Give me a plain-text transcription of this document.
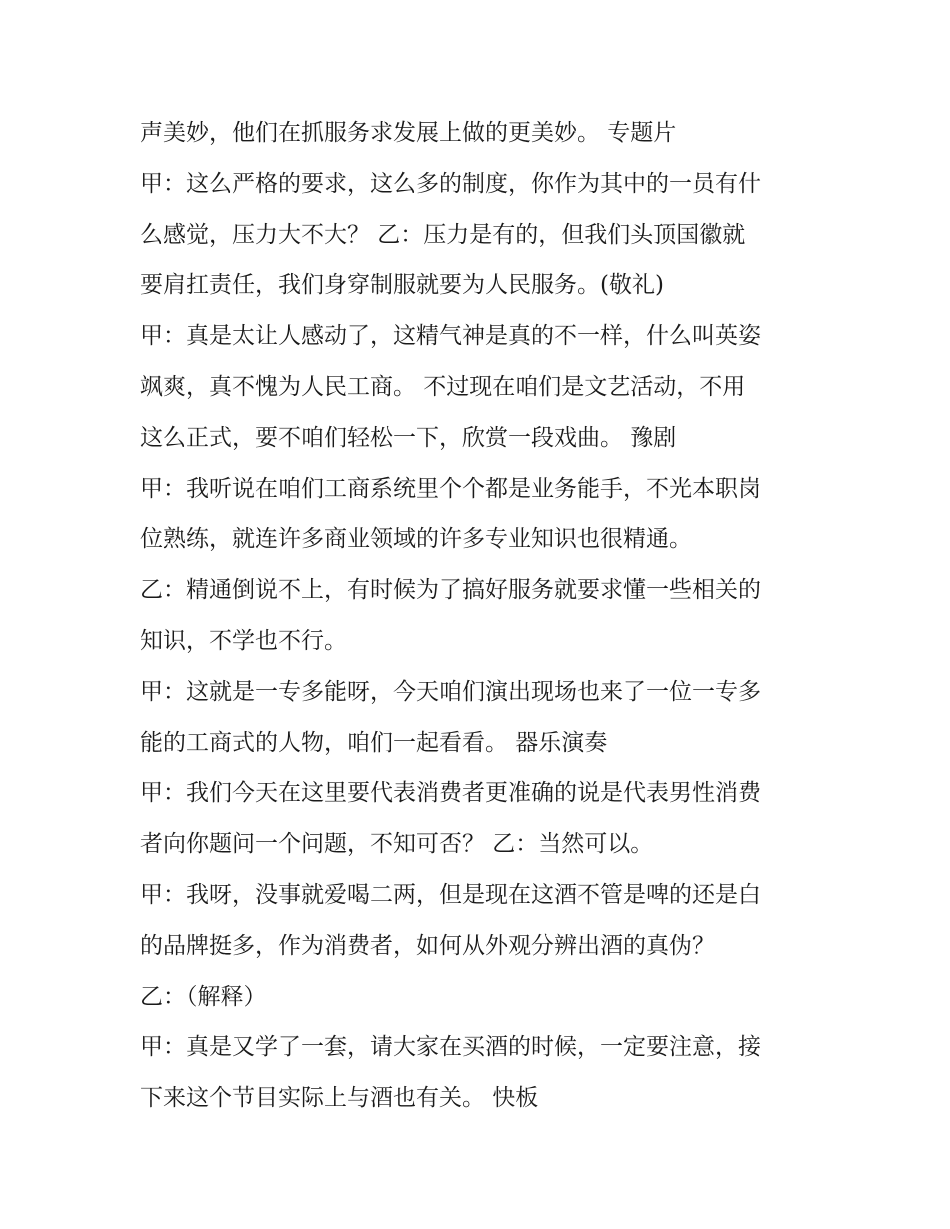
声美妙，他们在抓服务求发展上做的更美妙。 专题片
甲：这么严格的要求，这么多的制度，你作为其中的一员有什
么感觉，压力大不大？ 乙：压力是有的，但我们头顶国徽就
要肩扛责任，我们身穿制服就要为人民服务。(敬礼)
甲：真是太让人感动了，这精气神是真的不一样，什么叫英姿
飒爽，真不愧为人民工商。 不过现在咱们是文艺活动，不用
这么正式，要不咱们轻松一下，欣赏一段戏曲。 豫剧
甲：我听说在咱们工商系统里个个都是业务能手，不光本职岗
位熟练，就连许多商业领域的许多专业知识也很精通。
乙：精通倒说不上，有时候为了搞好服务就要求懂一些相关的
知识，不学也不行。
甲：这就是一专多能呀，今天咱们演出现场也来了一位一专多
能的工商式的人物，咱们一起看看。 器乐演奏
甲：我们今天在这里要代表消费者更准确的说是代表男性消费
者向你题问一个问题，不知可否？ 乙：当然可以。
甲：我呀，没事就爱喝二两，但是现在这酒不管是啤的还是白
的品牌挺多，作为消费者，如何从外观分辨出酒的真伪？
乙：（解释）
甲：真是又学了一套，请大家在买酒的时候，一定要注意，接
下来这个节目实际上与酒也有关。 快板
